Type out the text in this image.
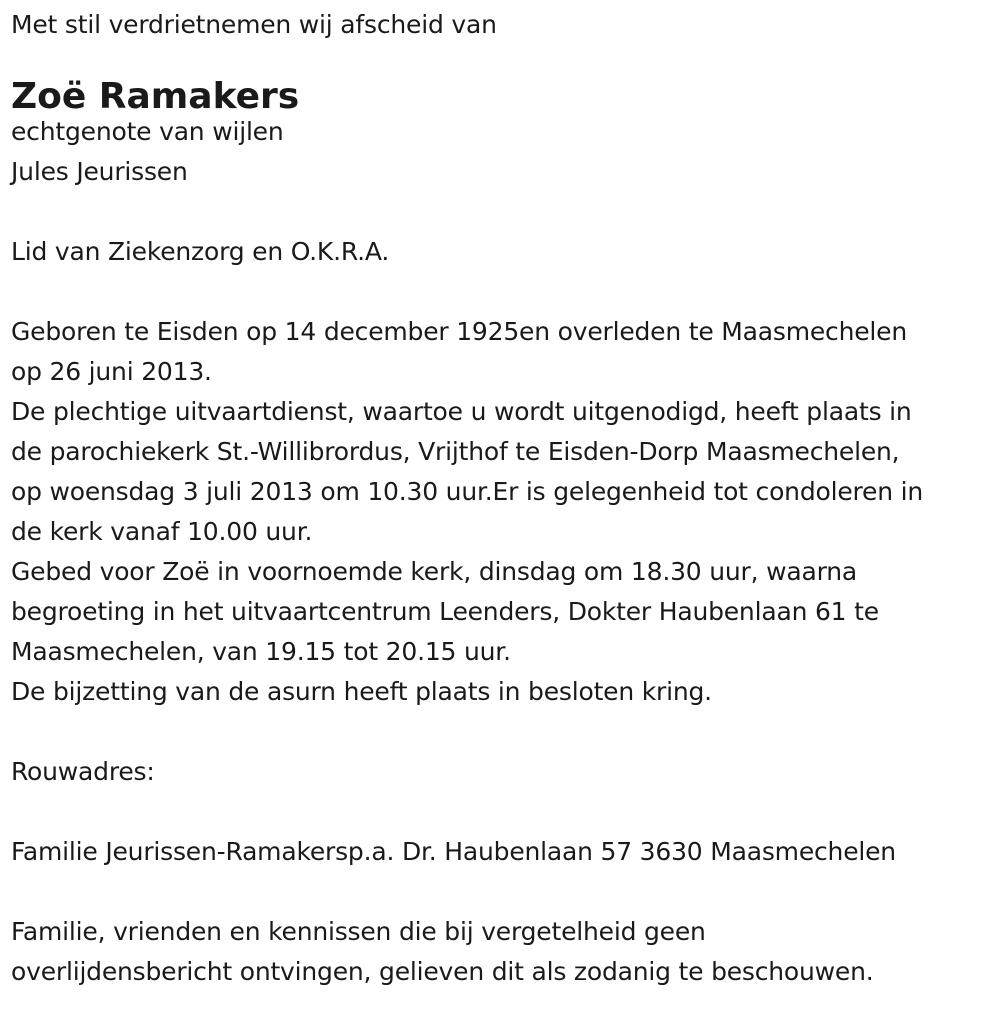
Met stil verdrietnemen wij afscheid van
Zoë Ramakers
echtgenote van wijlen
Jules Jeurissen
Lid van Ziekenzorg en O.K.R.A.
Geboren te Eisden op 14 december 1925en overleden te Maasmechelen
op 26 juni 2013.
De plechtige uitvaartdienst, waartoe u wordt uitgenodigd, heeft plaats in
de parochiekerk St.-Willibrordus, Vrijthof te Eisden-Dorp Maasmechelen,
op woensdag 3 juli 2013 om 10.30 uur.Er is gelegenheid tot condoleren in
de kerk vanaf 10.00 uur.
Gebed voor Zoë in voornoemde kerk, dinsdag om 18.30 uur, waarna
begroeting in het uitvaartcentrum Leenders, Dokter Haubenlaan 61 te
Maasmechelen, van 19.15 tot 20.15 uur.
De bijzetting van de asurn heeft plaats in besloten kring.
Rouwadres:
Familie Jeurissen-Ramakersp.a. Dr. Haubenlaan 57 3630 Maasmechelen
Familie, vrienden en kennissen die bij vergetelheid geen
overlijdensbericht ontvingen, gelieven dit als zodanig te beschouwen.
